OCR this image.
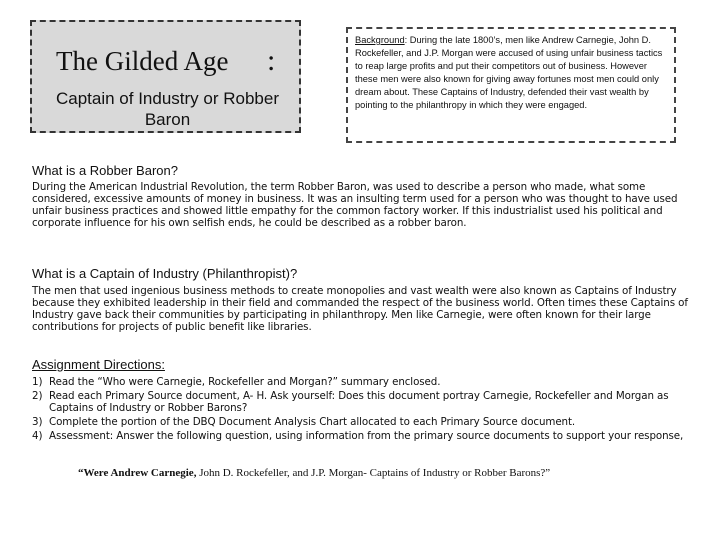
The Gilded Age	:
Captain of Industry or Robber Baron
Background: During the late 1800’s, men like Andrew Carnegie, John D. Rockefeller, and J.P. Morgan were accused of using unfair business tactics to reap large profits and put their competitors out of business. However these men were also known for giving away fortunes most men could only dream about. These Captains of Industry, defended their vast wealth by pointing to the philanthropy in which they were engaged.
What is a Robber Baron?
During the American Industrial Revolution, the term Robber Baron, was used to describe a person who made, what some considered, excessive amounts of money in business. It was an insulting term used for a person who was thought to have used unfair business practices and showed little empathy for the common factory worker. If this industrialist used his political and corporate influence for his own selfish ends, he could be described as a robber baron.
What is a Captain of Industry (Philanthropist)?
The men that used ingenious business methods to create monopolies and vast wealth were also known as Captains of Industry because they exhibited leadership in their field and commanded the respect of the business world. Often times these Captains of Industry gave back their communities by participating in philanthropy. Men like Carnegie, were often known for their large contributions for projects of public benefit like libraries.
Assignment Directions:
1) Read the “Who were Carnegie, Rockefeller and Morgan?” summary enclosed.
2) Read each Primary Source document, A- H. Ask yourself: Does this document portray Carnegie, Rockefeller and Morgan as Captains of Industry or Robber Barons?
3) Complete the portion of the DBQ Document Analysis Chart allocated to each Primary Source document.
4) Assessment: Answer the following question, using information from the primary source documents to support your response,
“Were Andrew Carnegie, John D. Rockefeller, and J.P. Morgan- Captains of Industry or Robber Barons?”
